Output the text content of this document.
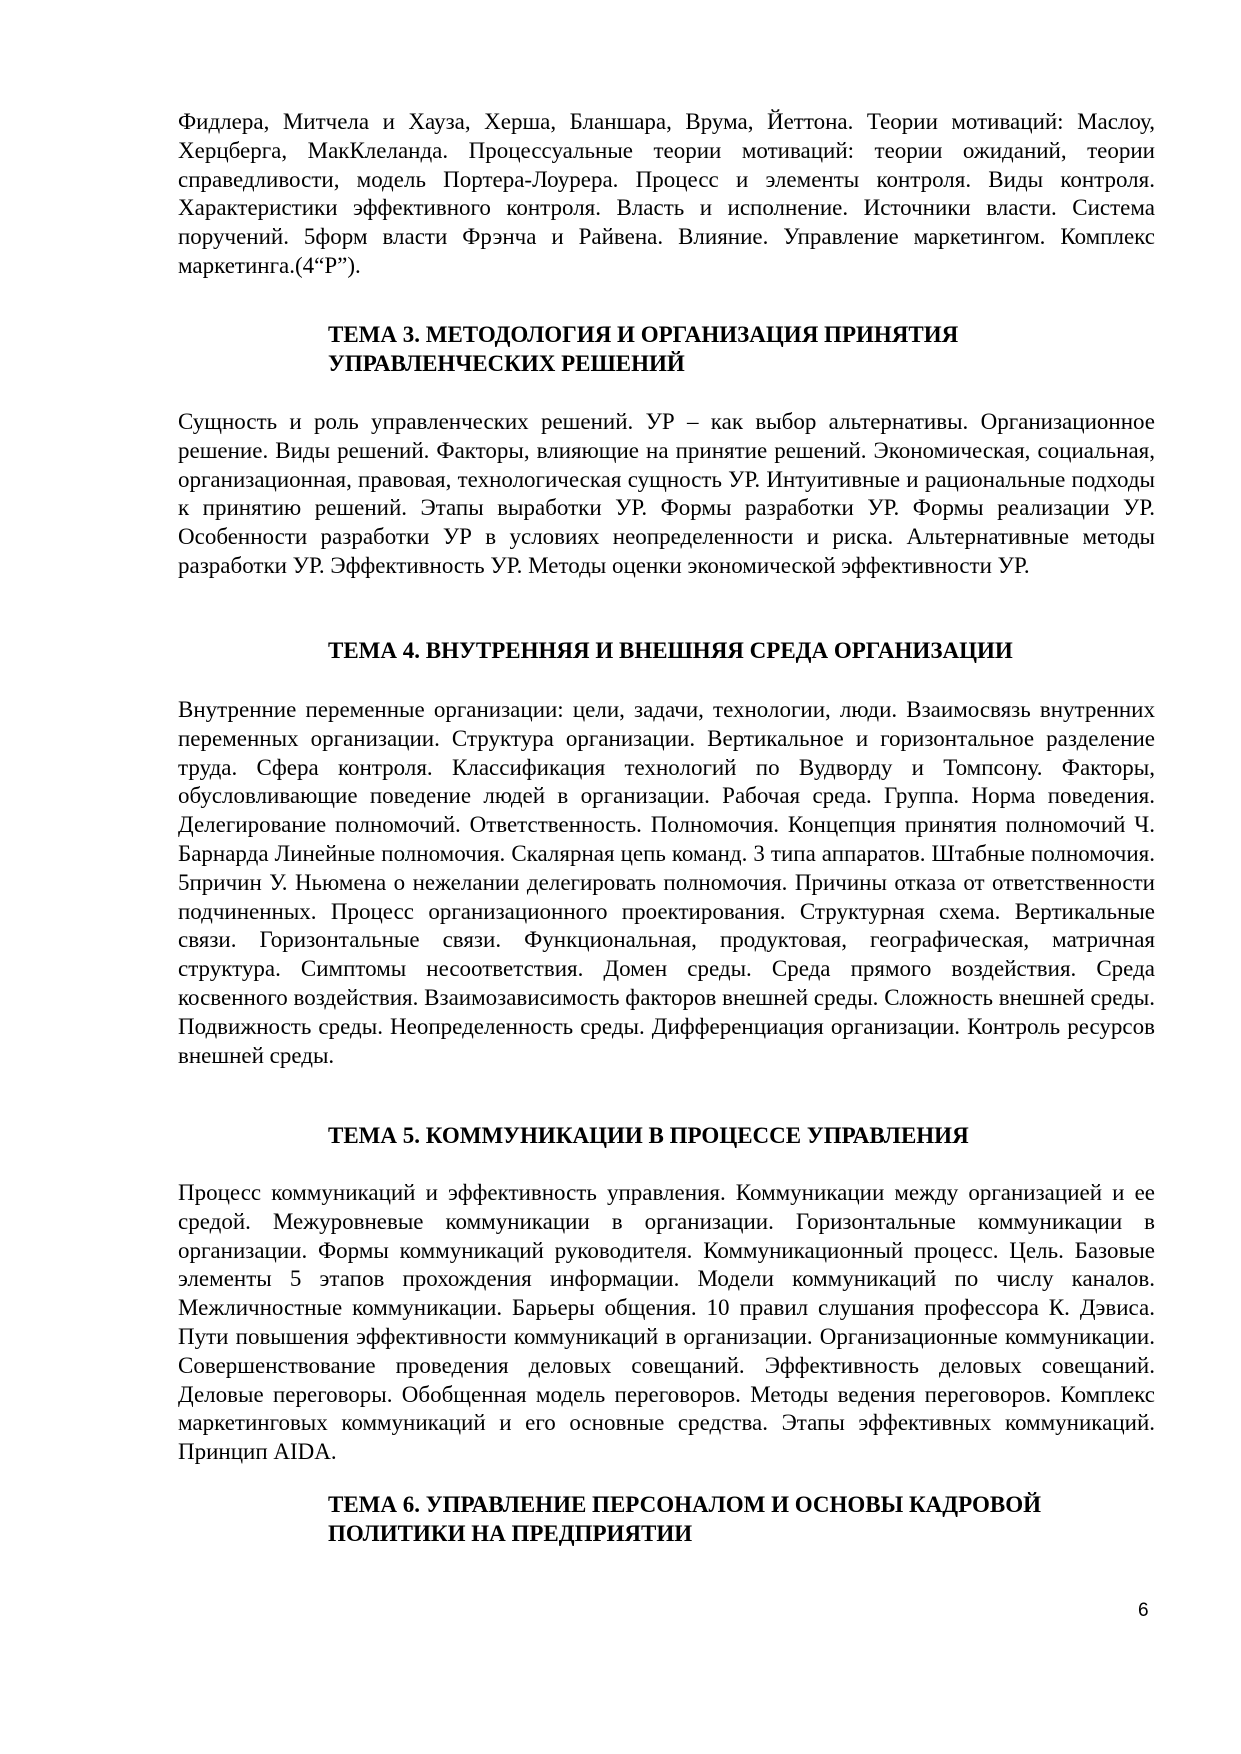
Фидлера, Митчела и Хауза, Херша, Бланшара, Врума, Йеттона. Теории мотиваций: Маслоу, Херцберга, МакКлеланда. Процессуальные теории мотиваций: теории ожиданий, теории справедливости, модель Портера-Лоурера. Процесс и элементы контроля. Виды контроля. Характеристики эффективного контроля. Власть и исполнение. Источники власти. Система поручений. 5форм власти Фрэнча и Райвена. Влияние. Управление маркетингом. Комплекс маркетинга.(4“P”).

ТЕМА 3. МЕТОДОЛОГИЯ И ОРГАНИЗАЦИЯ ПРИНЯТИЯ
УПРАВЛЕНЧЕСКИХ РЕШЕНИЙ

Сущность и роль управленческих решений. УР – как выбор альтернативы. Организационное решение. Виды решений. Факторы, влияющие на принятие решений. Экономическая, социальная, организационная, правовая, технологическая сущность УР. Интуитивные и рациональные подходы к принятию решений. Этапы выработки УР. Формы разработки УР. Формы реализации УР. Особенности разработки УР в условиях неопределенности и риска. Альтернативные методы разработки УР. Эффективность УР. Методы оценки экономической эффективности УР.

ТЕМА 4. ВНУТРЕННЯЯ И ВНЕШНЯЯ СРЕДА ОРГАНИЗАЦИИ

Внутренние переменные организации: цели, задачи, технологии, люди. Взаимосвязь внутренних переменных организации. Структура организации. Вертикальное и горизонтальное разделение труда. Сфера контроля. Классификация технологий по Вудворду и Томпсону. Факторы, обусловливающие поведение людей в организации. Рабочая среда. Группа. Норма поведения. Делегирование полномочий. Ответственность. Полномочия. Концепция принятия полномочий Ч. Барнарда Линейные полномочия. Скалярная цепь команд. 3 типа аппаратов. Штабные полномочия. 5причин У. Ньюмена о нежелании делегировать полномочия. Причины отказа от ответственности подчиненных. Процесс организационного проектирования. Структурная схема. Вертикальные связи. Горизонтальные связи. Функциональная, продуктовая, географическая, матричная структура. Симптомы несоответствия. Домен среды. Среда прямого воздействия. Среда косвенного воздействия. Взаимозависимость факторов внешней среды. Сложность внешней среды. Подвижность среды. Неопределенность среды. Дифференциация организации. Контроль ресурсов внешней среды.

ТЕМА 5. КОММУНИКАЦИИ В ПРОЦЕССЕ УПРАВЛЕНИЯ

Процесс коммуникаций и эффективность управления. Коммуникации между организацией и ее средой. Межуровневые коммуникации в организации. Горизонтальные коммуникации в организации. Формы коммуникаций руководителя. Коммуникационный процесс. Цель. Базовые элементы 5 этапов прохождения информации. Модели коммуникаций по числу каналов. Межличностные коммуникации. Барьеры общения. 10 правил слушания профессора К. Дэвиса. Пути повышения эффективности коммуникаций в организации. Организационные коммуникации. Совершенствование проведения деловых совещаний. Эффективность деловых совещаний. Деловые переговоры. Обобщенная модель переговоров. Методы ведения переговоров. Комплекс маркетинговых коммуникаций и его основные средства. Этапы эффективных коммуникаций. Принцип AIDA.

ТЕМА 6. УПРАВЛЕНИЕ ПЕРСОНАЛОМ И ОСНОВЫ КАДРОВОЙ
ПОЛИТИКИ НА ПРЕДПРИЯТИИ
6
